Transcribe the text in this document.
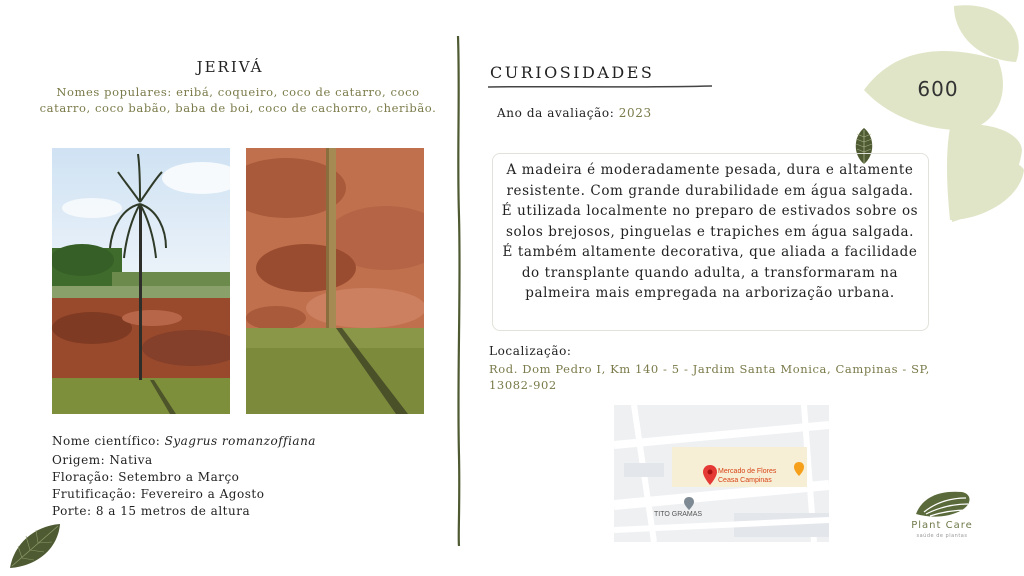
600
JERIVÁ
Nomes populares: eribá, coqueiro, coco de catarro, coco catarro, coco babão, baba de boi, coco de cachorro, cheribão.
Nome científico: Syagrus romanzoffiana
Origem: Nativa
Floração: Setembro a Março
Frutificação: Fevereiro a Agosto
Porte: 8 a 15 metros de altura
CURIOSIDADES
Ano da avaliação: 2023
A madeira é moderadamente pesada, dura e altamente resistente. Com grande durabilidade em água salgada. É utilizada localmente no preparo de estivados sobre os solos brejosos, pinguelas e trapiches em água salgada. É também altamente decorativa, que aliada a facilidade do transplante quando adulta, a transformaram na palmeira mais empregada na arborização urbana.
Localização:
Rod. Dom Pedro I, Km 140 - 5 - Jardim Santa Monica, Campinas - SP, 13082-902
Mercado de Flores Ceasa Campinas
TITO GRAMAS
Plant Care
saúde de plantas
